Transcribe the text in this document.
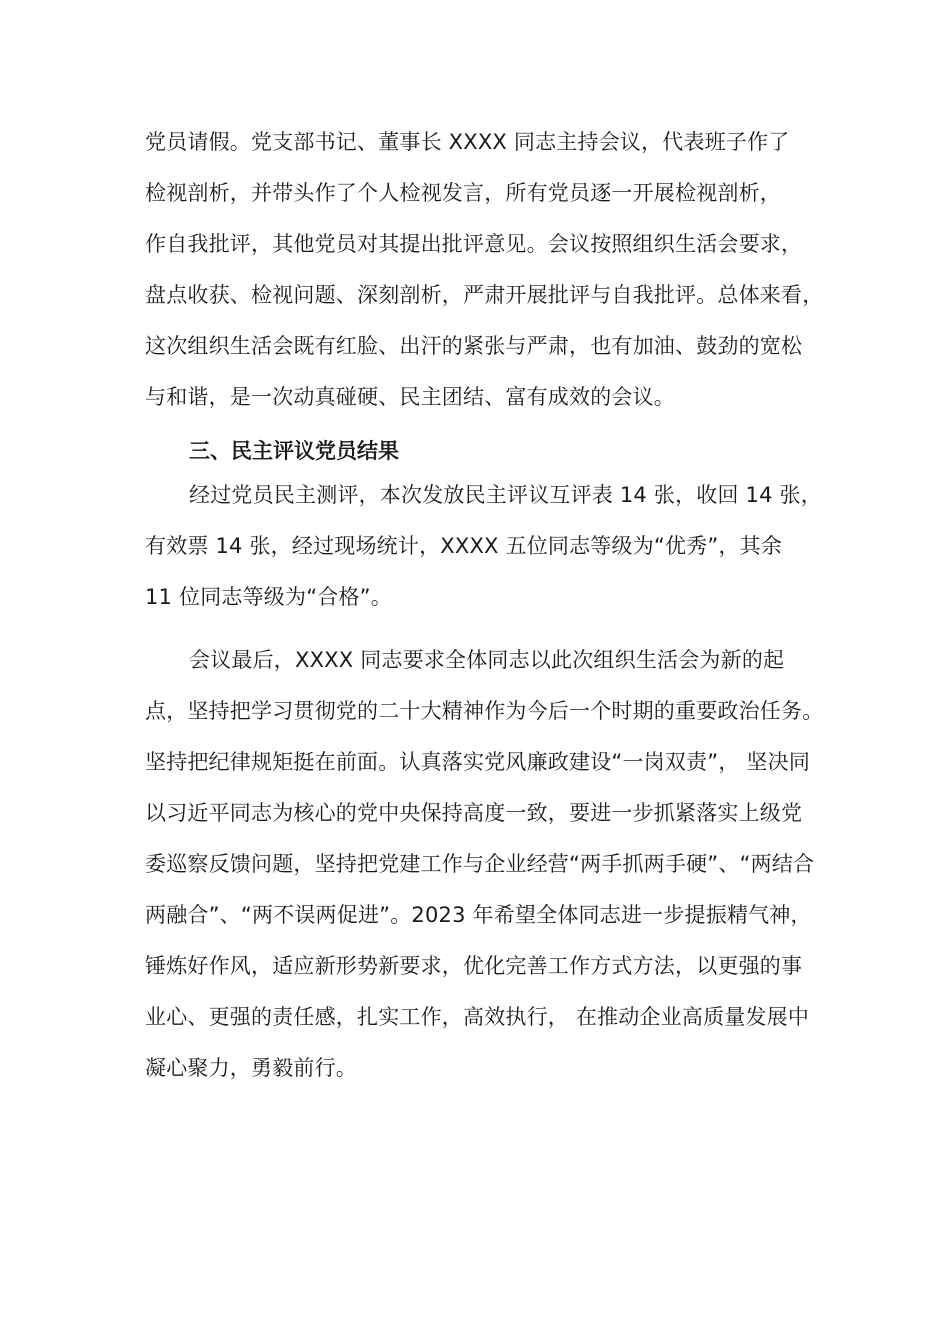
党员请假。党支部书记、董事长 XXXX 同志主持会议，代表班子作了
检视剖析，并带头作了个人检视发言，所有党员逐一开展检视剖析，
作自我批评，其他党员对其提出批评意见。会议按照组织生活会要求，
盘点收获、检视问题、深刻剖析，严肃开展批评与自我批评。总体来看，
这次组织生活会既有红脸、出汗的紧张与严肃，也有加油、鼓劲的宽松
与和谐，是一次动真碰硬、民主团结、富有成效的会议。
三、民主评议党员结果
经过党员民主测评，本次发放民主评议互评表 14 张，收回 14 张，
有效票 14 张，经过现场统计，XXXX 五位同志等级为“优秀”，其余
11 位同志等级为“合格”。
会议最后，XXXX 同志要求全体同志以此次组织生活会为新的起
点，坚持把学习贯彻党的二十大精神作为今后一个时期的重要政治任务。
坚持把纪律规矩挺在前面。认真落实党风廉政建设“一岗双责”， 坚决同
以习近平同志为核心的党中央保持高度一致，要进一步抓紧落实上级党
委巡察反馈问题，坚持把党建工作与企业经营“两手抓两手硬”、“两结合
两融合”、“两不误两促进”。2023 年希望全体同志进一步提振精气神，
锤炼好作风，适应新形势新要求，优化完善工作方式方法，以更强的事
业心、更强的责任感，扎实工作，高效执行， 在推动企业高质量发展中
凝心聚力，勇毅前行。
